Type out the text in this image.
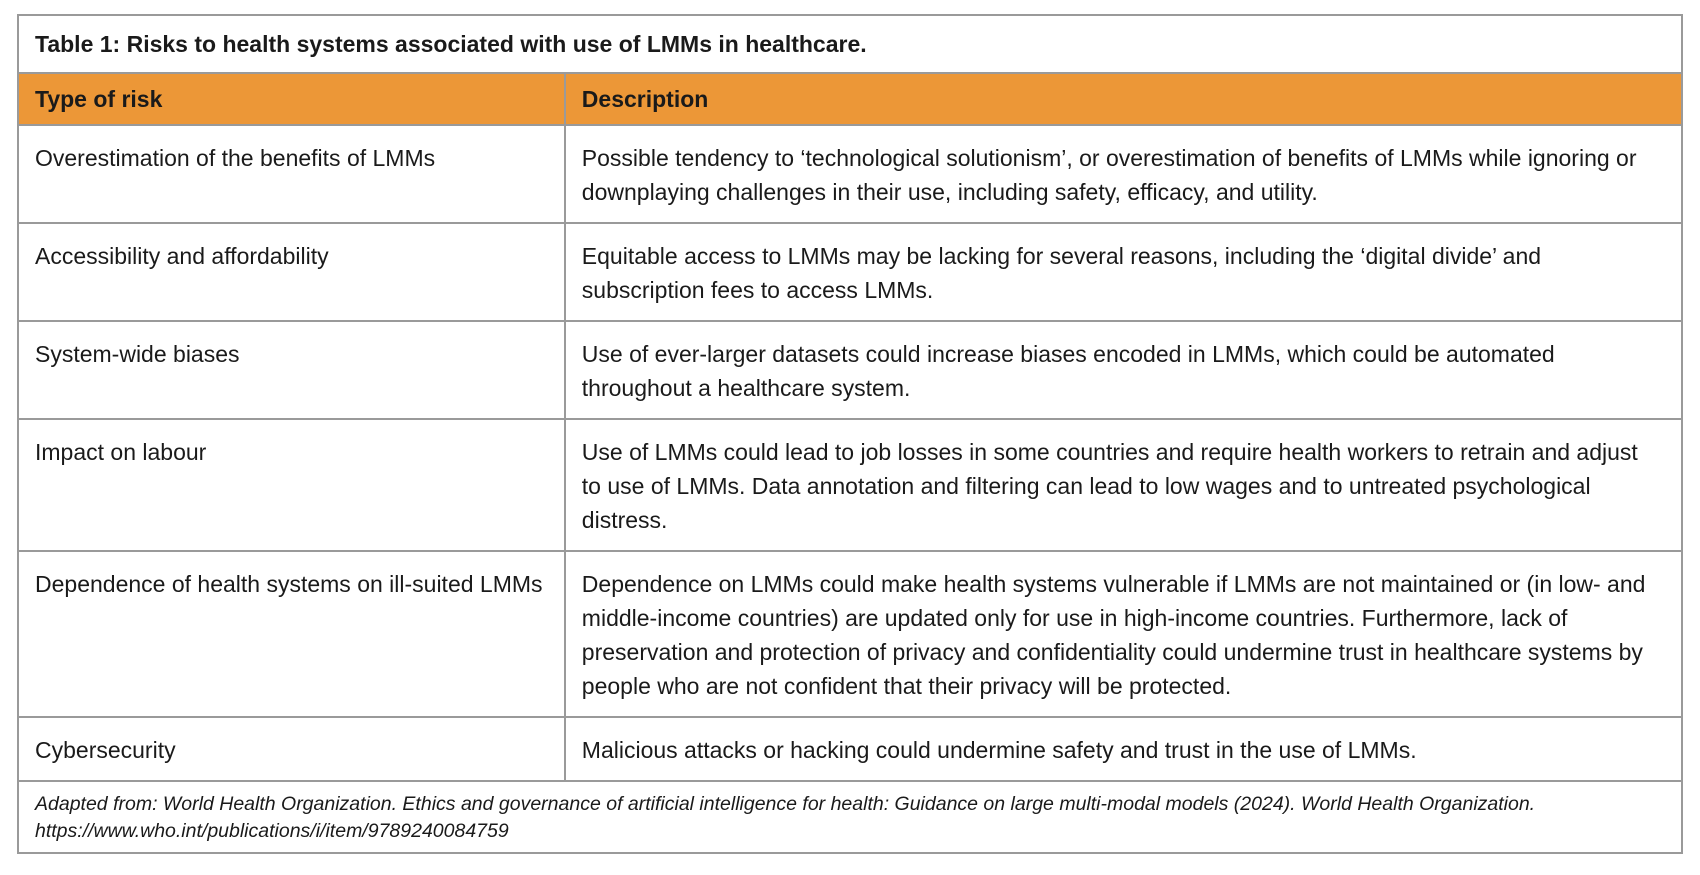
Table 1: Risks to health systems associated with use of LMMs in healthcare.
Type of risk	Description
Overestimation of the benefits of LMMs	Possible tendency to ‘technological solutionism’, or overestimation of benefits of LMMs while ignoring or downplaying challenges in their use, including safety, efficacy, and utility.
Accessibility and affordability	Equitable access to LMMs may be lacking for several reasons, including the ‘digital divide’ and subscription fees to access LMMs.
System-wide biases	Use of ever-larger datasets could increase biases encoded in LMMs, which could be automated throughout a healthcare system.
Impact on labour	Use of LMMs could lead to job losses in some countries and require health workers to retrain and adjust to use of LMMs. Data annotation and filtering can lead to low wages and to untreated psychological distress.
Dependence of health systems on ill-suited LMMs	Dependence on LMMs could make health systems vulnerable if LMMs are not maintained or (in low- and middle-income countries) are updated only for use in high-income countries. Furthermore, lack of preservation and protection of privacy and confidentiality could undermine trust in healthcare systems by people who are not confident that their privacy will be protected.
Cybersecurity	Malicious attacks or hacking could undermine safety and trust in the use of LMMs.
Adapted from: World Health Organization. Ethics and governance of artificial intelligence for health: Guidance on large multi-modal models (2024). World Health Organization. https://www.who.int/publications/i/item/9789240084759
